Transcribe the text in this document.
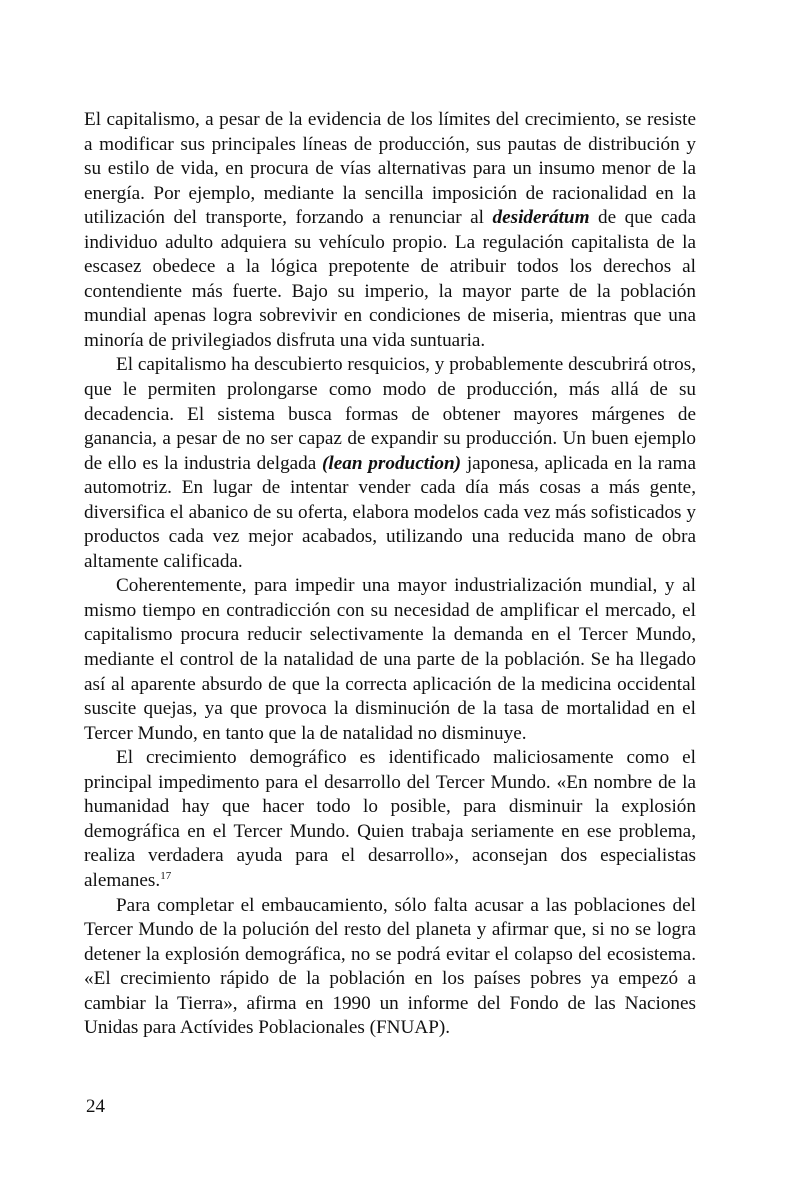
El capitalismo, a pesar de la evidencia de los límites del crecimiento, se resiste a modificar sus principales líneas de producción, sus pautas de distribución y su estilo de vida, en procura de vías alternativas para un insumo menor de la energía. Por ejemplo, mediante la sencilla imposición de racionalidad en la utilización del transporte, forzando a renunciar al desiderátum de que cada individuo adulto adquiera su vehículo propio. La regulación capitalista de la escasez obedece a la lógica prepotente de atribuir todos los derechos al contendiente más fuerte. Bajo su imperio, la mayor parte de la población mundial apenas logra sobrevivir en condiciones de miseria, mientras que una minoría de privilegiados disfruta una vida suntuaria.

El capitalismo ha descubierto resquicios, y probablemente descubrirá otros, que le permiten prolongarse como modo de producción, más allá de su decadencia. El sistema busca formas de obtener mayores márgenes de ganancia, a pesar de no ser capaz de expandir su producción. Un buen ejemplo de ello es la industria delgada (lean production) japonesa, aplicada en la rama automotriz. En lugar de intentar vender cada día más cosas a más gente, diversifica el abanico de su oferta, elabora modelos cada vez más sofisticados y productos cada vez mejor acabados, utilizando una reducida mano de obra altamente calificada.

Coherentemente, para impedir una mayor industrialización mundial, y al mismo tiempo en contradicción con su necesidad de amplificar el mercado, el capitalismo procura reducir selectivamente la demanda en el Tercer Mundo, mediante el control de la natalidad de una parte de la población. Se ha llegado así al aparente absurdo de que la correcta aplicación de la medicina occidental suscite quejas, ya que provoca la disminución de la tasa de mortalidad en el Tercer Mundo, en tanto que la de natalidad no disminuye.

El crecimiento demográfico es identificado maliciosamente como el principal impedimento para el desarrollo del Tercer Mundo. «En nombre de la humanidad hay que hacer todo lo posible, para disminuir la explosión demográfica en el Tercer Mundo. Quien trabaja seriamente en ese problema, realiza verdadera ayuda para el desarrollo», aconsejan dos especialistas alemanes.$^{17}$

Para completar el embaucamiento, sólo falta acusar a las poblaciones del Tercer Mundo de la polución del resto del planeta y afirmar que, si no se logra detener la explosión demográfica, no se podrá evitar el colapso del ecosistema. «El crecimiento rápido de la población en los países pobres ya empezó a cambiar la Tierra», afirma en 1990 un informe del Fondo de las Naciones Unidas para Actívides Poblacionales (FNUAP).

24
